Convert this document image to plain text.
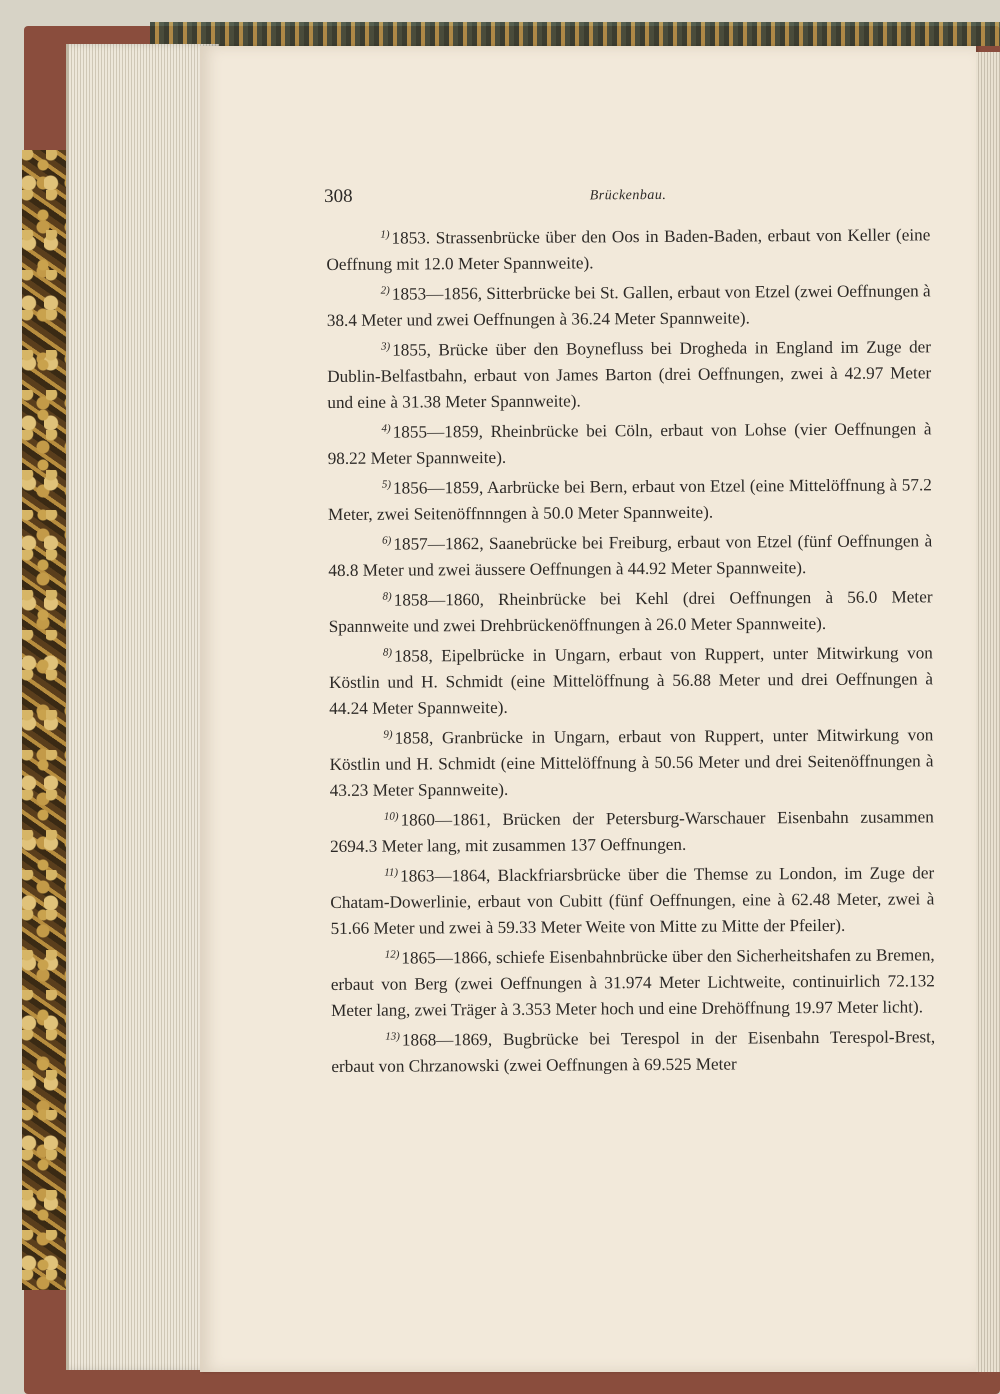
308	Brückenbau.

$^{1)}$ 1853. Strassenbrücke über den Oos in Baden-Baden, erbaut von Keller (eine Oeffnung mit 12.0 Meter Spannweite).

$^{2)}$ 1853—1856, Sitterbrücke bei St. Gallen, erbaut von Etzel (zwei Oeffnungen à 38.4 Meter und zwei Oeffnungen à 36.24 Meter Spannweite).

$^{3)}$ 1855, Brücke über den Boynefluss bei Drogheda in England im Zuge der Dublin-Belfastbahn, erbaut von James Barton (drei Oeffnungen, zwei à 42.97 Meter und eine à 31.38 Meter Spannweite).

$^{4)}$ 1855—1859, Rheinbrücke bei Cöln, erbaut von Lohse (vier Oeffnungen à 98.22 Meter Spannweite).

$^{5)}$ 1856—1859, Aarbrücke bei Bern, erbaut von Etzel (eine Mittelöffnung à 57.2 Meter, zwei Seitenöffnnngen à 50.0 Meter Spannweite).

$^{6)}$ 1857—1862, Saanebrücke bei Freiburg, erbaut von Etzel (fünf Oeffnungen à 48.8 Meter und zwei äussere Oeffnungen à 44.92 Meter Spannweite).

$^{8)}$ 1858—1860, Rheinbrücke bei Kehl (drei Oeffnungen à 56.0 Meter Spannweite und zwei Drehbrückenöffnungen à 26.0 Meter Spannweite).

$^{8)}$ 1858, Eipelbrücke in Ungarn, erbaut von Ruppert, unter Mitwirkung von Köstlin und H. Schmidt (eine Mittelöffnung à 56.88 Meter und drei Oeffnungen à 44.24 Meter Spannweite).

$^{9)}$ 1858, Granbrücke in Ungarn, erbaut von Ruppert, unter Mitwirkung von Köstlin und H. Schmidt (eine Mittelöffnung à 50.56 Meter und drei Seitenöffnungen à 43.23 Meter Spannweite).

$^{10)}$ 1860—1861, Brücken der Petersburg-Warschauer Eisenbahn zusammen 2694.3 Meter lang, mit zusammen 137 Oeffnungen.

$^{11)}$ 1863—1864, Blackfriarsbrücke über die Themse zu London, im Zuge der Chatam-Dowerlinie, erbaut von Cubitt (fünf Oeffnungen, eine à 62.48 Meter, zwei à 51.66 Meter und zwei à 59.33 Meter Weite von Mitte zu Mitte der Pfeiler).

$^{12)}$ 1865—1866, schiefe Eisenbahnbrücke über den Sicherheitshafen zu Bremen, erbaut von Berg (zwei Oeffnungen à 31.974 Meter Lichtweite, continuirlich 72.132 Meter lang, zwei Träger à 3.353 Meter hoch und eine Drehöffnung 19.97 Meter licht).

$^{13)}$ 1868—1869, Bugbrücke bei Terespol in der Eisenbahn Terespol-Brest, erbaut von Chrzanowski (zwei Oeffnungen à 69.525 Meter
